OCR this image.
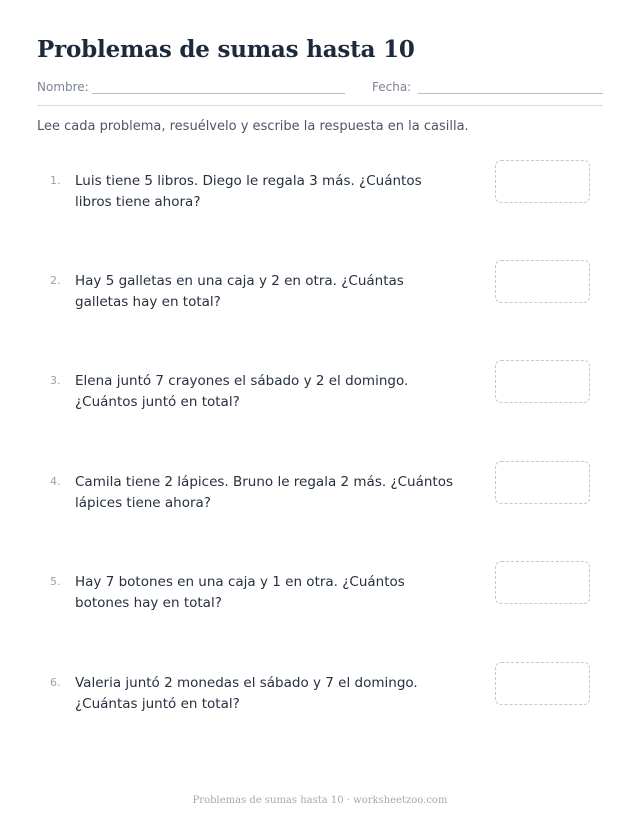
Problemas de sumas hasta 10
Nombre:	Fecha:

Lee cada problema, resuélvelo y escribe la respuesta en la casilla.

1. Luis tiene 5 libros. Diego le regala 3 más. ¿Cuántos libros tiene ahora?

2. Hay 5 galletas en una caja y 2 en otra. ¿Cuántas galletas hay en total?

3. Elena juntó 7 crayones el sábado y 2 el domingo. ¿Cuántos juntó en total?

4. Camila tiene 2 lápices. Bruno le regala 2 más. ¿Cuántos lápices tiene ahora?

5. Hay 7 botones en una caja y 1 en otra. ¿Cuántos botones hay en total?

6. Valeria juntó 2 monedas el sábado y 7 el domingo. ¿Cuántas juntó en total?

Problemas de sumas hasta 10 · worksheetzoo.com
